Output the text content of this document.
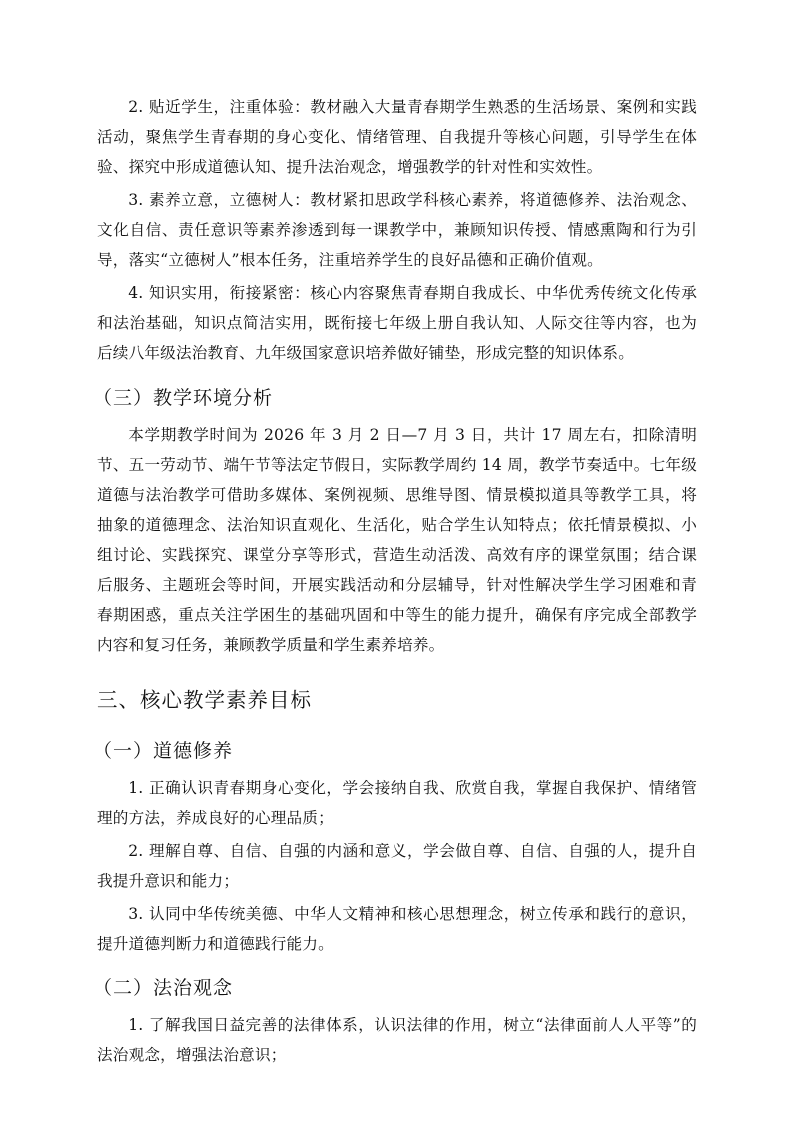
2. 贴近学生，注重体验：教材融入大量青春期学生熟悉的生活场景、案例和实践活动，聚焦学生青春期的身心变化、情绪管理、自我提升等核心问题，引导学生在体验、探究中形成道德认知、提升法治观念，增强教学的针对性和实效性。

3. 素养立意，立德树人：教材紧扣思政学科核心素养，将道德修养、法治观念、文化自信、责任意识等素养渗透到每一课教学中，兼顾知识传授、情感熏陶和行为引导，落实“立德树人”根本任务，注重培养学生的良好品德和正确价值观。

4. 知识实用，衔接紧密：核心内容聚焦青春期自我成长、中华优秀传统文化传承和法治基础，知识点简洁实用，既衔接七年级上册自我认知、人际交往等内容，也为后续八年级法治教育、九年级国家意识培养做好铺垫，形成完整的知识体系。

（三）教学环境分析

本学期教学时间为 2026 年 3 月 2 日—7 月 3 日，共计 17 周左右，扣除清明节、五一劳动节、端午节等法定节假日，实际教学周约 14 周，教学节奏适中。七年级道德与法治教学可借助多媒体、案例视频、思维导图、情景模拟道具等教学工具，将抽象的道德理念、法治知识直观化、生活化，贴合学生认知特点；依托情景模拟、小组讨论、实践探究、课堂分享等形式，营造生动活泼、高效有序的课堂氛围；结合课后服务、主题班会等时间，开展实践活动和分层辅导，针对性解决学生学习困难和青春期困惑，重点关注学困生的基础巩固和中等生的能力提升，确保有序完成全部教学内容和复习任务，兼顾教学质量和学生素养培养。

三、核心教学素养目标
（一）道德修养

1. 正确认识青春期身心变化，学会接纳自我、欣赏自我，掌握自我保护、情绪管理的方法，养成良好的心理品质；

2. 理解自尊、自信、自强的内涵和意义，学会做自尊、自信、自强的人，提升自我提升意识和能力；

3. 认同中华传统美德、中华人文精神和核心思想理念，树立传承和践行的意识，提升道德判断力和道德践行能力。

（二）法治观念

1. 了解我国日益完善的法律体系，认识法律的作用，树立“法律面前人人平等”的法治观念，增强法治意识；
